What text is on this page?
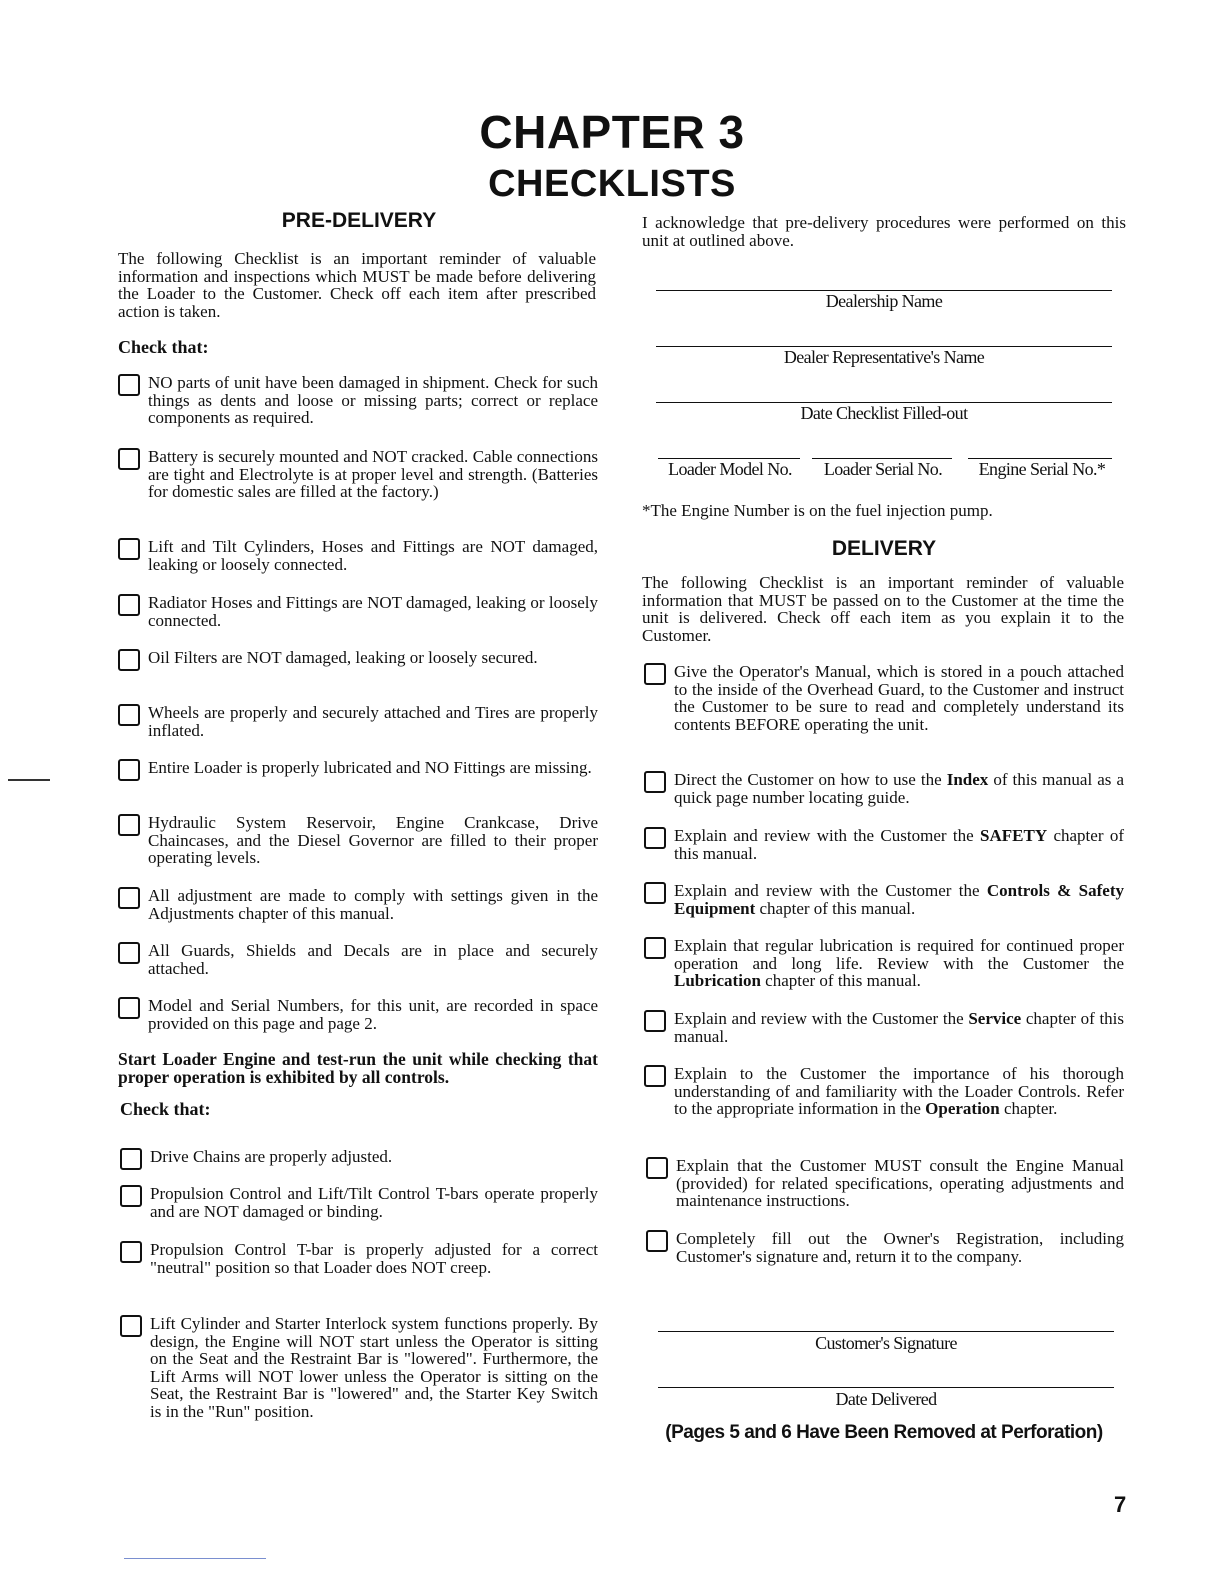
CHAPTER 3
CHECKLISTS
PRE-DELIVERY
The following Checklist is an important reminder of valuable information and inspections which MUST be made before delivering the Loader to the Customer. Check off each item after prescribed action is taken.
Check that:
NO parts of unit have been damaged in shipment. Check for such things as dents and loose or missing parts; correct or replace components as required.
Battery is securely mounted and NOT cracked. Cable connections are tight and Electrolyte is at proper level and strength. (Batteries for domestic sales are filled at the factory.)
Lift and Tilt Cylinders, Hoses and Fittings are NOT damaged, leaking or loosely connected.
Radiator Hoses and Fittings are NOT damaged, leaking or loosely connected.
Oil Filters are NOT damaged, leaking or loosely secured.
Wheels are properly and securely attached and Tires are properly inflated.
Entire Loader is properly lubricated and NO Fittings are missing.
Hydraulic System Reservoir, Engine Crankcase, Drive Chaincases, and the Diesel Governor are filled to their proper operating levels.
All adjustment are made to comply with settings given in the Adjustments chapter of this manual.
All Guards, Shields and Decals are in place and securely attached.
Model and Serial Numbers, for this unit, are recorded in space provided on this page and page 2.
Start Loader Engine and test-run the unit while checking that proper operation is exhibited by all controls.
Check that:
Drive Chains are properly adjusted.
Propulsion Control and Lift/Tilt Control T-bars operate properly and are NOT damaged or binding.
Propulsion Control T-bar is properly adjusted for a correct "neutral" position so that Loader does NOT creep.
Lift Cylinder and Starter Interlock system functions properly. By design, the Engine will NOT start unless the Operator is sitting on the Seat and the Restraint Bar is "lowered". Furthermore, the Lift Arms will NOT lower unless the Operator is sitting on the Seat, the Restraint Bar is "lowered" and, the Starter Key Switch is in the "Run" position.
I acknowledge that pre-delivery procedures were performed on this unit at outlined above.
Dealership Name
Dealer Representative's Name
Date Checklist Filled-out
Loader Model No.	Loader Serial No.	Engine Serial No.*
*The Engine Number is on the fuel injection pump.
DELIVERY
The following Checklist is an important reminder of valuable information that MUST be passed on to the Customer at the time the unit is delivered. Check off each item as you explain it to the Customer.
Give the Operator's Manual, which is stored in a pouch attached to the inside of the Overhead Guard, to the Customer and instruct the Customer to be sure to read and completely understand its contents BEFORE operating the unit.
Direct the Customer on how to use the Index of this manual as a quick page number locating guide.
Explain and review with the Customer the SAFETY chapter of this manual.
Explain and review with the Customer the Controls & Safety Equipment chapter of this manual.
Explain that regular lubrication is required for continued proper operation and long life. Review with the Customer the Lubrication chapter of this manual.
Explain and review with the Customer the Service chapter of this manual.
Explain to the Customer the importance of his thorough understanding of and familiarity with the Loader Controls. Refer to the appropriate information in the Operation chapter.
Explain that the Customer MUST consult the Engine Manual (provided) for related specifications, operating adjustments and maintenance instructions.
Completely fill out the Owner's Registration, including Customer's signature and, return it to the company.
Customer's Signature
Date Delivered
(Pages 5 and 6 Have Been Removed at Perforation)
7
